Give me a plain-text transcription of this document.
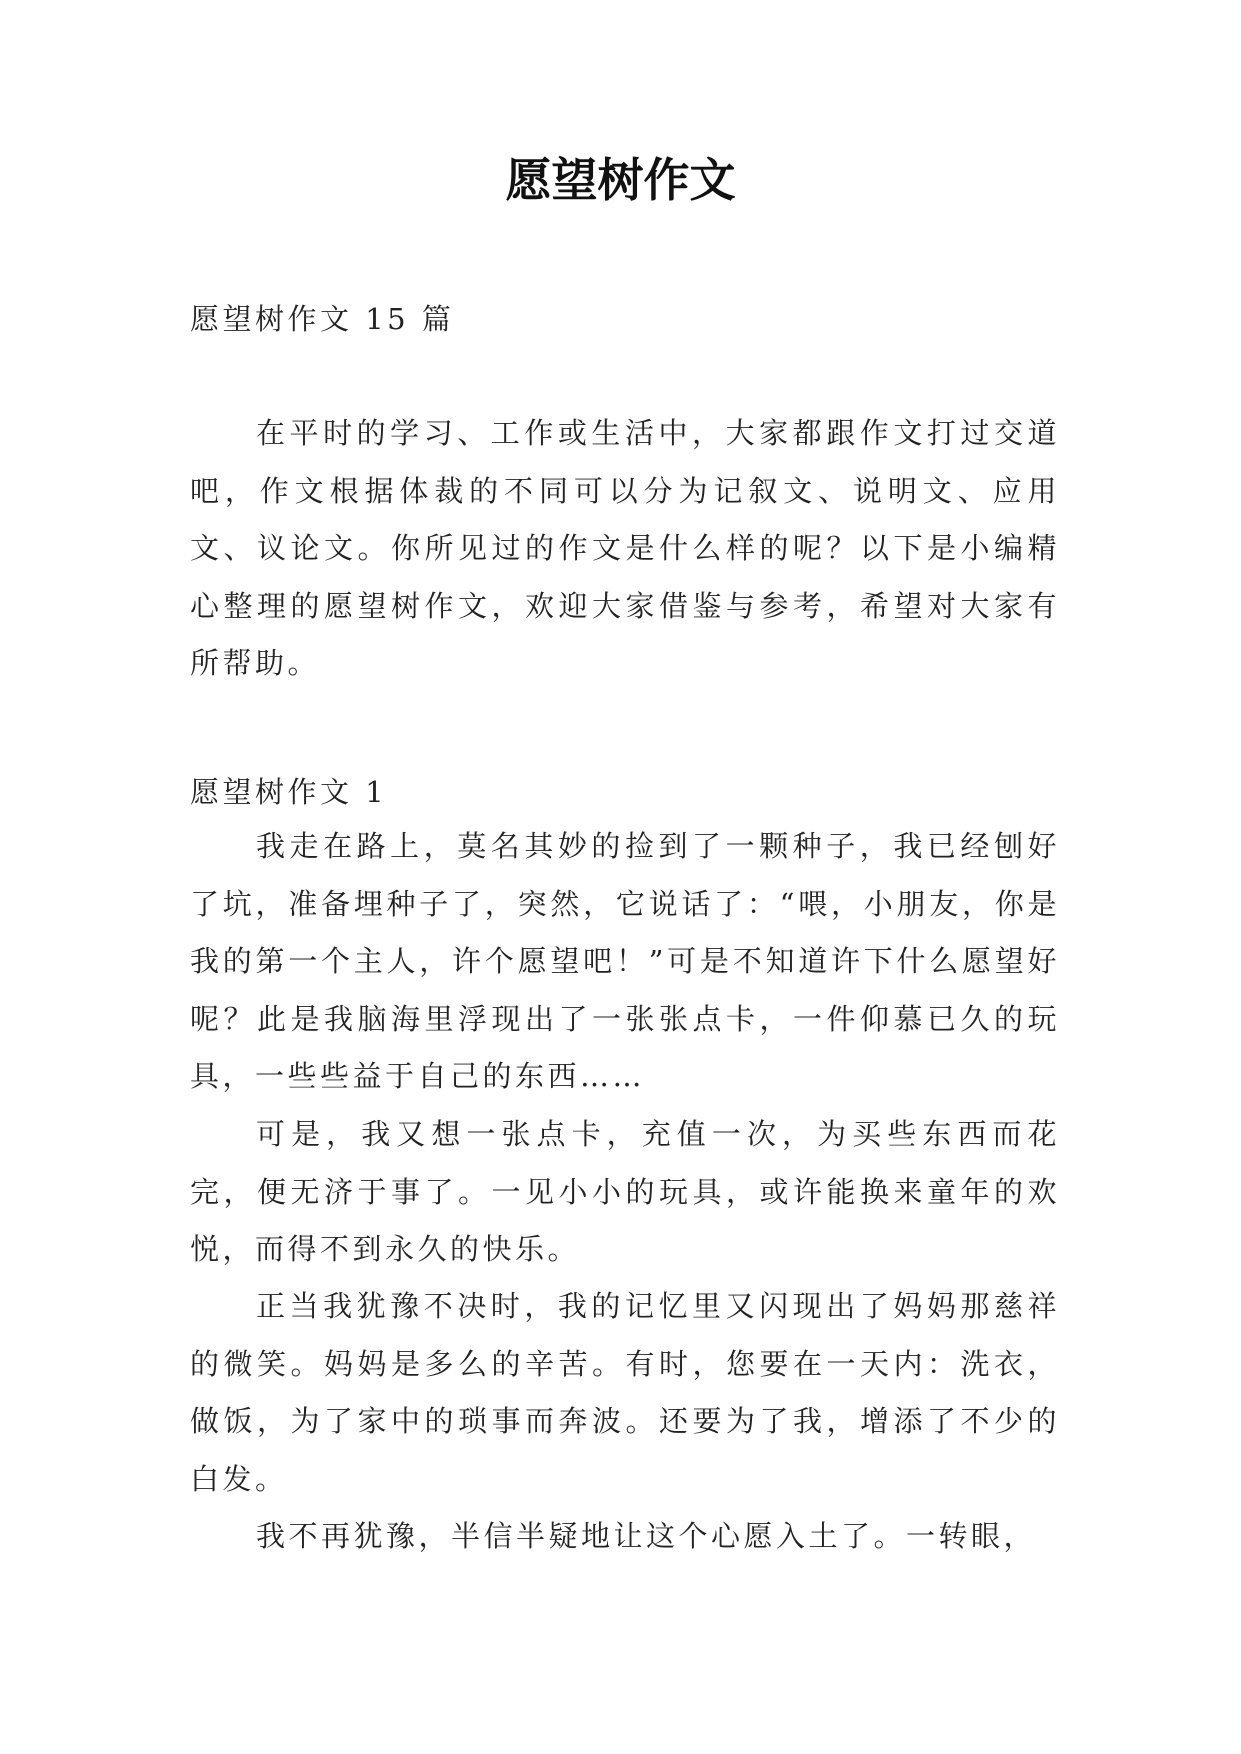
愿望树作文

愿望树作文 15 篇

在平时的学习、工作或生活中，大家都跟作文打过交道吧，作文根据体裁的不同可以分为记叙文、说明文、应用文、议论文。你所见过的作文是什么样的呢？以下是小编精心整理的愿望树作文，欢迎大家借鉴与参考，希望对大家有所帮助。

愿望树作文 1

我走在路上，莫名其妙的捡到了一颗种子，我已经刨好了坑，准备埋种子了，突然，它说话了：“喂，小朋友，你是我的第一个主人，许个愿望吧！”可是不知道许下什么愿望好呢？此是我脑海里浮现出了一张张点卡，一件仰慕已久的玩具，一些些益于自己的东西……

可是，我又想一张点卡，充值一次，为买些东西而花完，便无济于事了。一见小小的玩具，或许能换来童年的欢悦，而得不到永久的快乐。

正当我犹豫不决时，我的记忆里又闪现出了妈妈那慈祥的微笑。妈妈是多么的辛苦。有时，您要在一天内：洗衣，做饭，为了家中的琐事而奔波。还要为了我，增添了不少的白发。

我不再犹豫，半信半疑地让这个心愿入土了。一转眼，
